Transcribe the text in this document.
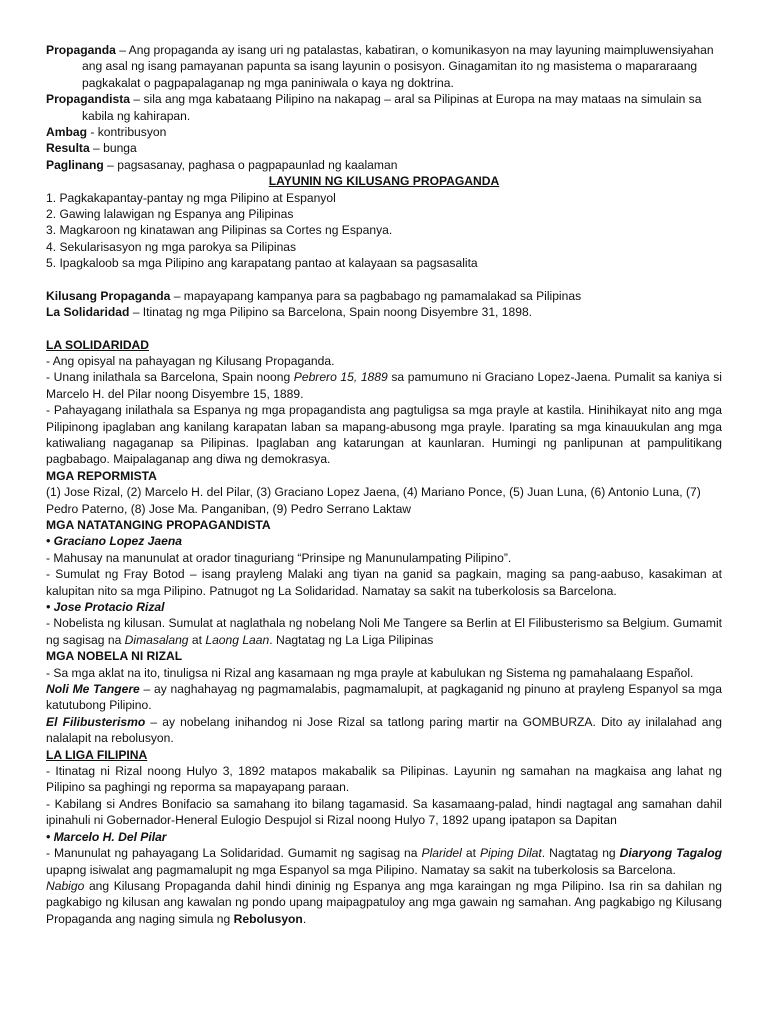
Propaganda – Ang propaganda ay isang uri ng patalastas, kabatiran, o komunikasyon na may layuning maimpluwensiyahan ang asal ng isang pamayanan papunta sa isang layunin o posisyon. Ginagamitan ito ng masistema o mapararaang pagkakalat o pagpapalaganap ng mga paniniwala o kaya ng doktrina.

Propagandista – sila ang mga kabataang Pilipino na nakapag – aral sa Pilipinas at Europa na may mataas na simulain sa kabila ng kahirapan.

Ambag - kontribusyon

Resulta – bunga

Paglinang – pagsasanay, paghasa o pagpapaunlad ng kaalaman

LAYUNIN NG KILUSANG PROPAGANDA

1. Pagkakapantay-pantay ng mga Pilipino at Espanyol

2. Gawing lalawigan ng Espanya ang Pilipinas

3. Magkaroon ng kinatawan ang Pilipinas sa Cortes ng Espanya.

4. Sekularisasyon ng mga parokya sa Pilipinas

5. Ipagkaloob sa mga Pilipino ang karapatang pantao at kalayaan sa pagsasalita

Kilusang Propaganda – mapayapang kampanya para sa pagbabago ng pamamalakad sa Pilipinas

La Solidaridad – Itinatag ng mga Pilipino sa Barcelona, Spain noong Disyembre 31, 1898.

LA SOLIDARIDAD

- Ang opisyal na pahayagan ng Kilusang Propaganda.

- Unang inilathala sa Barcelona, Spain noong Pebrero 15, 1889 sa pamumuno ni Graciano Lopez-Jaena. Pumalit sa kaniya si Marcelo H. del Pilar noong Disyembre 15, 1889.

- Pahayagang inilathala sa Espanya ng mga propagandista ang pagtuligsa sa mga prayle at kastila. Hinihikayat nito ang mga Pilipinong ipaglaban ang kanilang karapatan laban sa mapang-abusong mga prayle. Iparating sa mga kinauukulan ang mga katiwaliang nagaganap sa Pilipinas. Ipaglaban ang katarungan at kaunlaran. Humingi ng panlipunan at pampulitikang pagbabago. Maipalaganap ang diwa ng demokrasya.

MGA REPORMISTA

(1) Jose Rizal, (2) Marcelo H. del Pilar, (3) Graciano Lopez Jaena, (4) Mariano Ponce, (5) Juan Luna, (6) Antonio Luna, (7) Pedro Paterno, (8) Jose Ma. Panganiban, (9) Pedro Serrano Laktaw

MGA NATATANGING PROPAGANDISTA

• Graciano Lopez Jaena

- Mahusay na manunulat at orador tinaguriang “Prinsipe ng Manunulampating Pilipino”.

- Sumulat ng Fray Botod – isang prayleng Malaki ang tiyan na ganid sa pagkain, maging sa pang-aabuso, kasakiman at kalupitan nito sa mga Pilipino. Patnugot ng La Solidaridad. Namatay sa sakit na tuberkolosis sa Barcelona.

• Jose Protacio Rizal

- Nobelista ng kilusan. Sumulat at naglathala ng nobelang Noli Me Tangere sa Berlin at El Filibusterismo sa Belgium. Gumamit ng sagisag na Dimasalang at Laong Laan. Nagtatag ng La Liga Pilipinas

MGA NOBELA NI RIZAL

- Sa mga aklat na ito, tinuligsa ni Rizal ang kasamaan ng mga prayle at kabulukan ng Sistema ng pamahalaang Español.

Noli Me Tangere – ay naghahayag ng pagmamalabis, pagmamalupit, at pagkaganid ng pinuno at prayleng Espanyol sa mga katutubong Pilipino.

El Filibusterismo – ay nobelang inihandog ni Jose Rizal sa tatlong paring martir na GOMBURZA. Dito ay inilalahad ang nalalapit na rebolusyon.

LA LIGA FILIPINA

- Itinatag ni Rizal noong Hulyo 3, 1892 matapos makabalik sa Pilipinas. Layunin ng samahan na magkaisa ang lahat ng Pilipino sa paghingi ng reporma sa mapayapang paraan.

- Kabilang si Andres Bonifacio sa samahang ito bilang tagamasid. Sa kasamaang-palad, hindi nagtagal ang samahan dahil ipinahuli ni Gobernador-Heneral Eulogio Despujol si Rizal noong Hulyo 7, 1892 upang ipatapon sa Dapitan

• Marcelo H. Del Pilar

- Manunulat ng pahayagang La Solidaridad. Gumamit ng sagisag na Plaridel at Piping Dilat. Nagtatag ng Diaryong Tagalog upapng isiwalat ang pagmamalupit ng mga Espanyol sa mga Pilipino. Namatay sa sakit na tuberkolosis sa Barcelona.

Nabigo ang Kilusang Propaganda dahil hindi dininig ng Espanya ang mga karaingan ng mga Pilipino. Isa rin sa dahilan ng pagkabigo ng kilusan ang kawalan ng pondo upang maipagpatuloy ang mga gawain ng samahan. Ang pagkabigo ng Kilusang Propaganda ang naging simula ng Rebolusyon.
